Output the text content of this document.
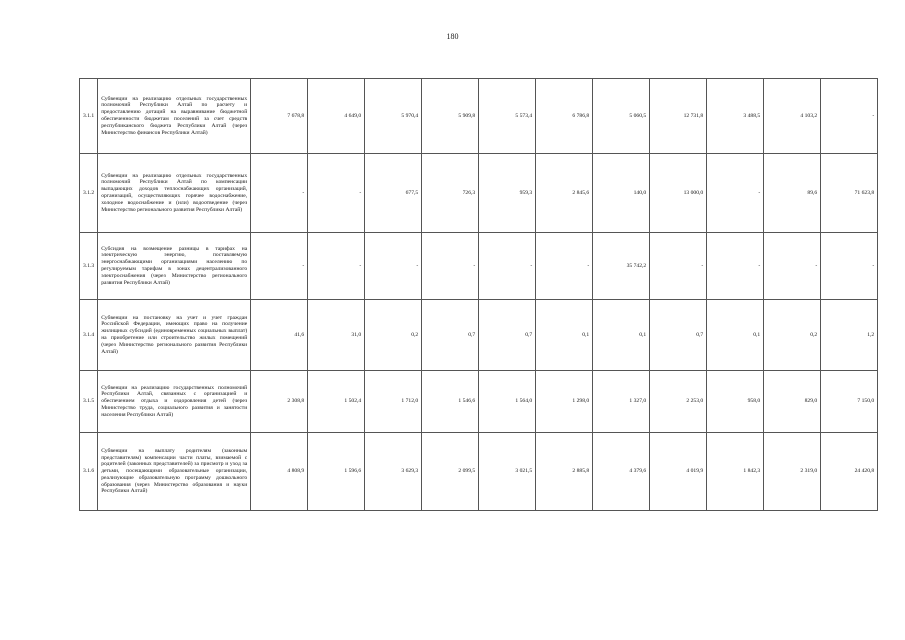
180
3.1.1	Субвенции на реализацию отдельных государственных полномочий Республики Алтай по расчету и предоставлению дотаций на выравнивание бюджетной обеспеченности бюджетам поселений за счет средств республиканского бюджета Республики Алтай (через Министерство финансов Республики Алтай)	7 678,8	4 649,0	5 970,4	5 909,8	5 573,4	6 786,8	5 060,5	12 731,8	3 488,5	4 103,2	-
3.1.2	Субвенции на реализацию отдельных государственных полномочий Республики Алтай по компенсации выпадающих доходов теплоснабжающих организаций, организаций, осуществляющих горячее водоснабжение, холодное водоснабжение и (или) водоотведение (через Министерство регионального развития Республики Алтай)	-	-	677,5	726,3	959,3	2 845,6	140,0	13 000,0	-	89,6	71 623,8
3.1.3	Субсидия на возмещение разницы в тарифах на электрическую энергию, поставляемую энергоснабжающими организациями населению по регулируемым тарифам в зонах децентрализованного электроснабжения (через Министерство регионального развития Республики Алтай)	-	-	-	-	-	-	35 742,2	-	-	-	-
3.1.4	Субвенции на постановку на учет и учет граждан Российской Федерации, имеющих право на получение жилищных субсидий (единовременных социальных выплат) на приобретение или строительство жилых помещений (через Министерство регионального развития Республики Алтай)	41,6	31,0	0,2	0,7	0,7	0,1	0,1	0,7	0,1	0,2	1,2
3.1.5	Субвенции на реализацию государственных полномочий Республики Алтай, связанных с организацией и обеспечением отдыха и оздоровления детей (через Министерство труда, социального развития и занятости населения Республики Алтай)	2 308,8	1 502,4	1 712,0	1 546,6	1 564,0	1 298,0	1 327,0	2 253,0	958,0	829,0	7 150,0
3.1.6	Субвенции на выплату родителям (законным представителям) компенсации части платы, взимаемой с родителей (законных представителей) за присмотр и уход за детьми, посещающими образовательные организации, реализующие образовательную программу дошкольного образования (через Министерство образования и науки Республики Алтай)	4 808,9	1 596,6	3 629,3	2 099,5	3 021,5	2 885,8	4 379,6	4 019,9	1 842,3	2 319,0	24 420,8
